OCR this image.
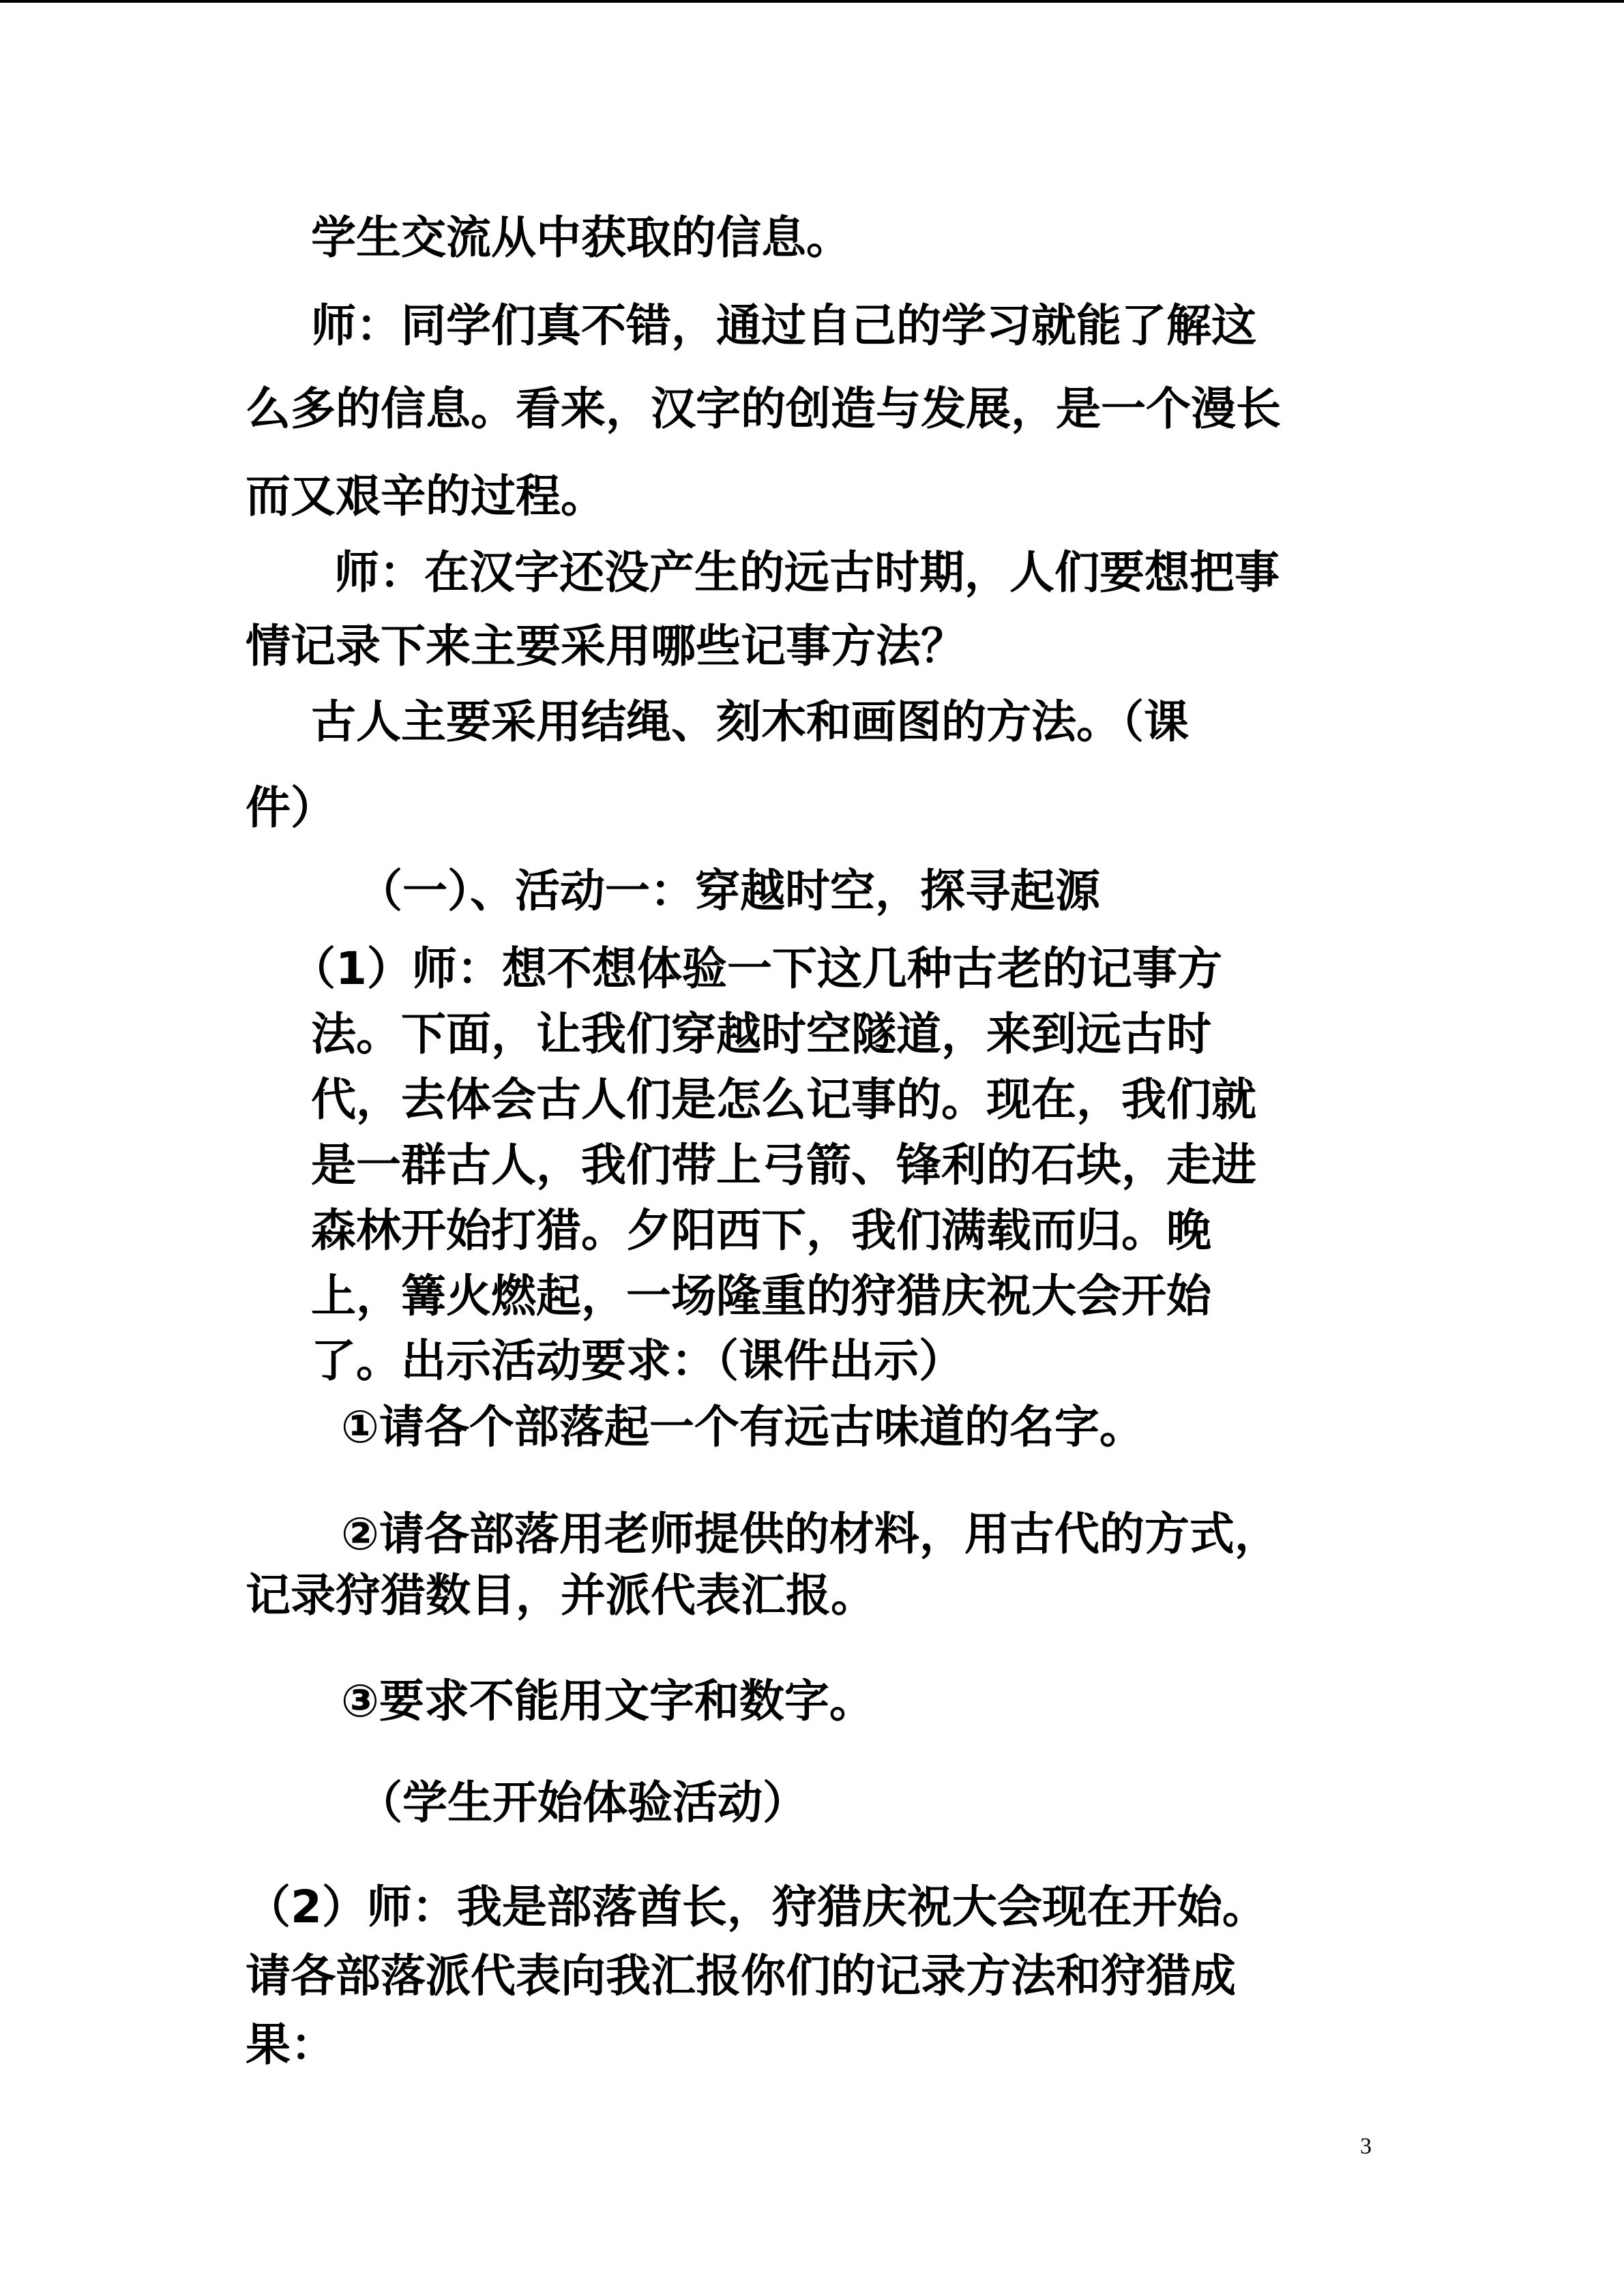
学生交流从中获取的信息。
师：同学们真不错，通过自己的学习就能了解这
么多的信息。看来，汉字的创造与发展，是一个漫长
而又艰辛的过程。
师：在汉字还没产生的远古时期，人们要想把事
情记录下来主要采用哪些记事方法？
古人主要采用结绳、刻木和画图的方法。（课
件）
（一）、活动一：穿越时空，探寻起源
（1）师：想不想体验一下这几种古老的记事方
法。下面，让我们穿越时空隧道，来到远古时
代，去体会古人们是怎么记事的。现在，我们就
是一群古人，我们带上弓箭、锋利的石块，走进
森林开始打猎。夕阳西下，我们满载而归。晚
上，篝火燃起，一场隆重的狩猎庆祝大会开始
了。出示活动要求：（课件出示）
①请各个部落起一个有远古味道的名字。
②请各部落用老师提供的材料，用古代的方式，
记录狩猎数目，并派代表汇报。
③要求不能用文字和数字。
（学生开始体验活动）
（2）师：我是部落酋长，狩猎庆祝大会现在开始。
请各部落派代表向我汇报你们的记录方法和狩猎成
果：
3
